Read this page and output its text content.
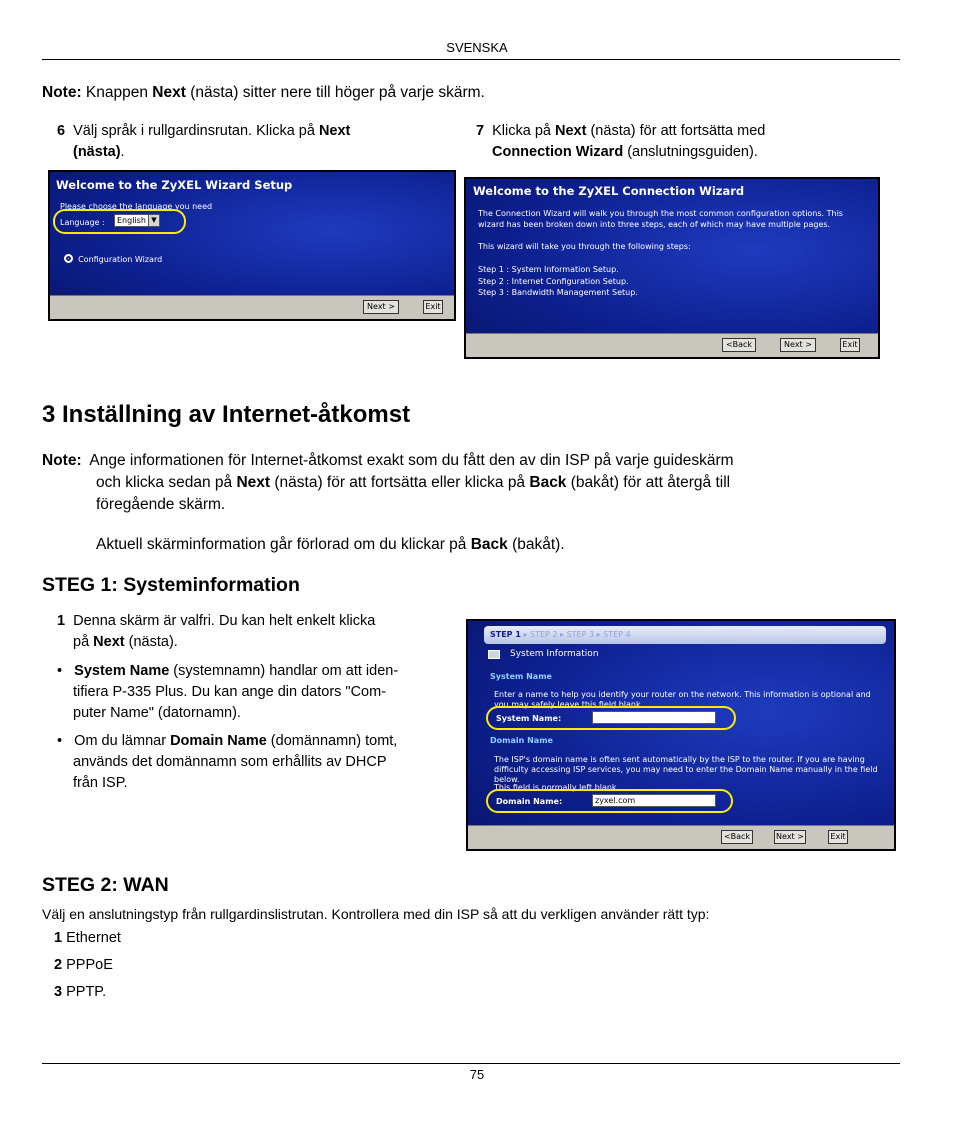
SVENSKA
Note: Knappen Next (nästa) sitter nere till höger på varje skärm.
6 Välj språk i rullgardinsrutan. Klicka på Next
(nästa).
7 Klicka på Next (nästa) för att fortsätta med
Connection Wizard (anslutningsguiden).
Welcome to the ZyXEL Wizard Setup
Please choose the language you need
Language :	English ▼
Configuration Wizard
Next >	Exit
Welcome to the ZyXEL Connection Wizard
The Connection Wizard will walk you through the most common configuration options. This
wizard has been broken down into three steps, each of which may have multiple pages.
This wizard will take you through the following steps:
Step 1 : System Information Setup.
Step 2 : Internet Configuration Setup.
Step 3 : Bandwidth Management Setup.
<Back	Next >	Exit
3 Inställning av Internet-åtkomst
Note: Ange informationen för Internet-åtkomst exakt som du fått den av din ISP på varje guideskärm
och klicka sedan på Next (nästa) för att fortsätta eller klicka på Back (bakåt) för att återgå till
föregående skärm.
Aktuell skärminformation går förlorad om du klickar på Back (bakåt).
STEG 1: Systeminformation
1 Denna skärm är valfri. Du kan helt enkelt klicka
på Next (nästa).
• System Name (systemnamn) handlar om att iden-
tifiera P-335 Plus. Du kan ange din dators "Com-
puter Name" (datornamn).
• Om du lämnar Domain Name (domännamn) tomt,
används det domännamn som erhållits av DHCP
från ISP.
STEP 1 ▸ STEP 2 ▸ STEP 3 ▸ STEP 4
System Information
System Name
Enter a name to help you identify your router on the network. This information is optional and
you may safely leave this field blank.
System Name:
Domain Name
The ISP's domain name is often sent automatically by the ISP to the router. If you are having
difficulty accessing ISP services, you may need to enter the Domain Name manually in the field
below.
This field is normally left blank.
Domain Name:	zyxel.com
<Back	Next >	Exit
STEG 2: WAN
Välj en anslutningstyp från rullgardinslistrutan. Kontrollera med din ISP så att du verkligen använder rätt typ:
1 Ethernet
2 PPPoE
3 PPTP.
75
